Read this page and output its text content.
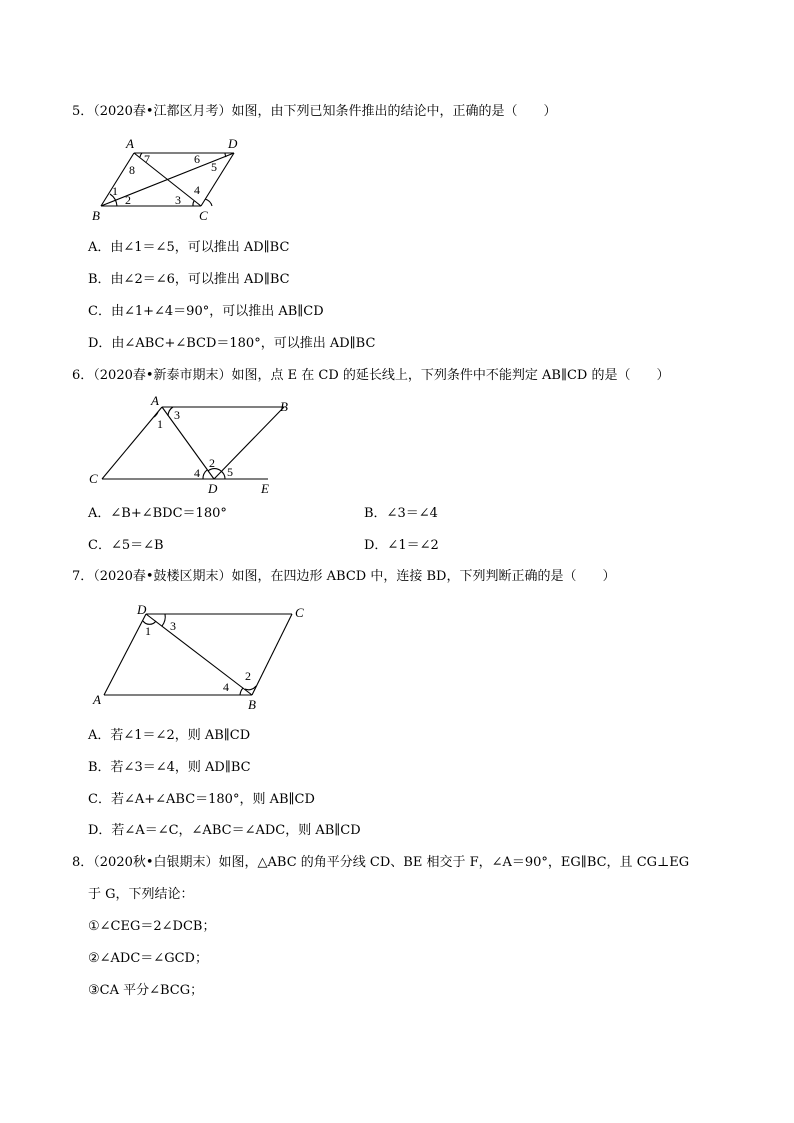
5．（2020春•江都区月考）如图，由下列已知条件推出的结论中，正确的是（　　）
A	D
B	C
7
8
6
5
1
2	3
4
A．由∠1＝∠5，可以推出 AD∥BC
B．由∠2＝∠6，可以推出 AD∥BC
C．由∠1+∠4＝90°，可以推出 AB∥CD
D．由∠ABC+∠BCD＝180°，可以推出 AD∥BC
6．（2020春•新泰市期末）如图，点 E 在 CD 的延长线上，下列条件中不能判定 AB∥CD 的是（　　）
A	B
C
D	E
3
1
2
4 5
A．∠B+∠BDC＝180°	B．∠3＝∠4
C．∠5＝∠B	D．∠1＝∠2
7．（2020春•鼓楼区期末）如图，在四边形 ABCD 中，连接 BD，下列判断正确的是（　　）
D	C
A	B
1 3
4
2
A．若∠1＝∠2，则 AB∥CD
B．若∠3＝∠4，则 AD∥BC
C．若∠A+∠ABC＝180°，则 AB∥CD
D．若∠A＝∠C，∠ABC＝∠ADC，则 AB∥CD
8．（2020秋•白银期末）如图，△ABC 的角平分线 CD、BE 相交于 F，∠A＝90°，EG∥BC，且 CG⊥EG
于 G，下列结论：
①∠CEG＝2∠DCB；
②∠ADC＝∠GCD；
③CA 平分∠BCG；
